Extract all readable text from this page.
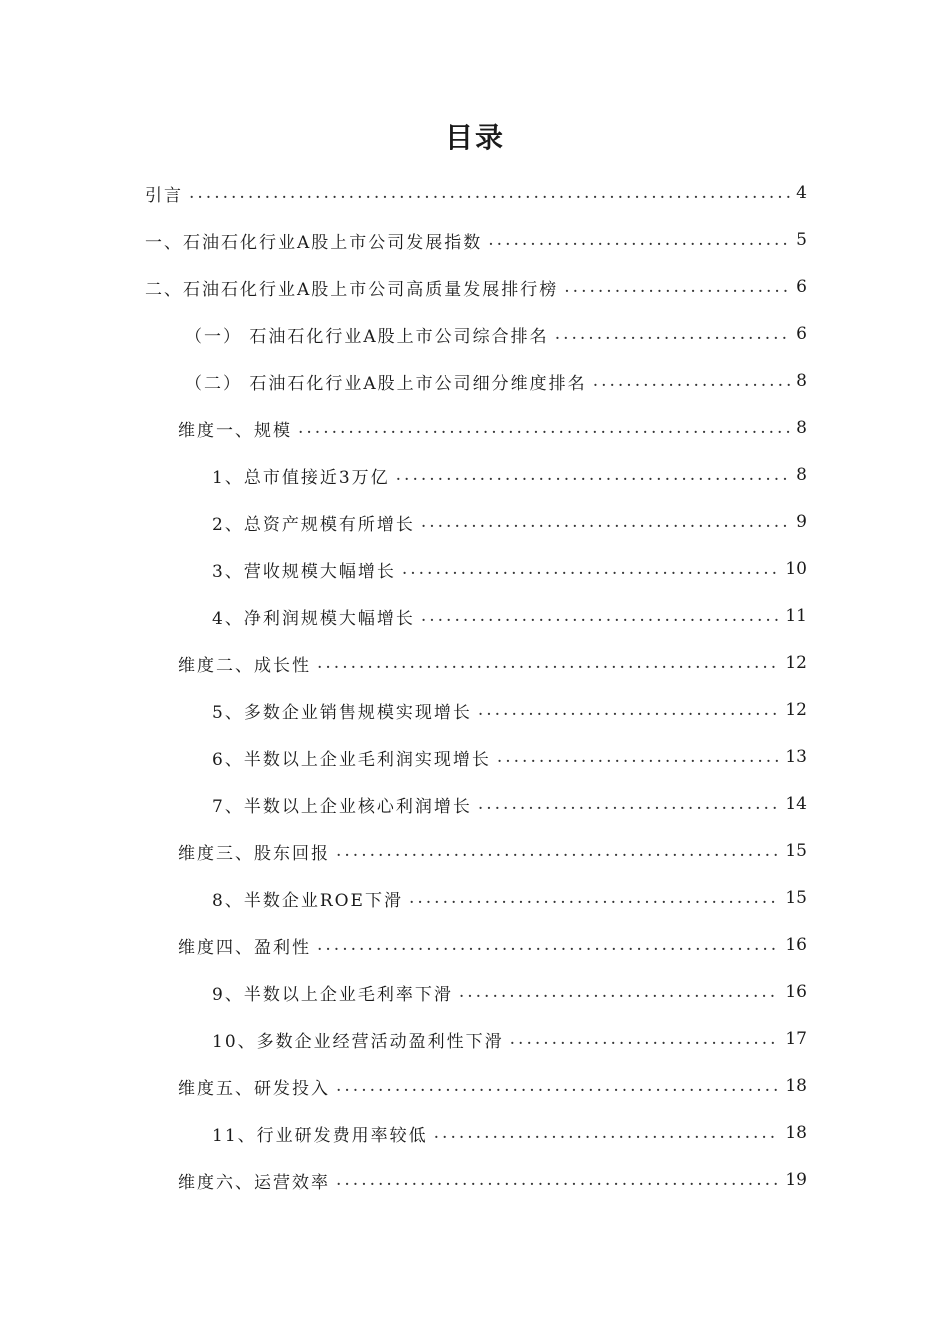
目录
引言 .....	4
一、石油石化行业A股上市公司发展指数 .....	5
二、石油石化行业A股上市公司高质量发展排行榜 .....	6
（一） 石油石化行业A股上市公司综合排名 .....	6
（二） 石油石化行业A股上市公司细分维度排名 .....	8
维度一、规模 .....	8
1、总市值接近3万亿 .....	8
2、总资产规模有所增长 .....	9
3、营收规模大幅增长 .....	10
4、净利润规模大幅增长 .....	11
维度二、成长性 .....	12
5、多数企业销售规模实现增长 .....	12
6、半数以上企业毛利润实现增长 .....	13
7、半数以上企业核心利润增长 .....	14
维度三、股东回报 .....	15
8、半数企业ROE下滑 .....	15
维度四、盈利性 .....	16
9、半数以上企业毛利率下滑 .....	16
10、多数企业经营活动盈利性下滑 .....	17
维度五、研发投入 .....	18
11、行业研发费用率较低 .....	18
维度六、运营效率 .....	19
